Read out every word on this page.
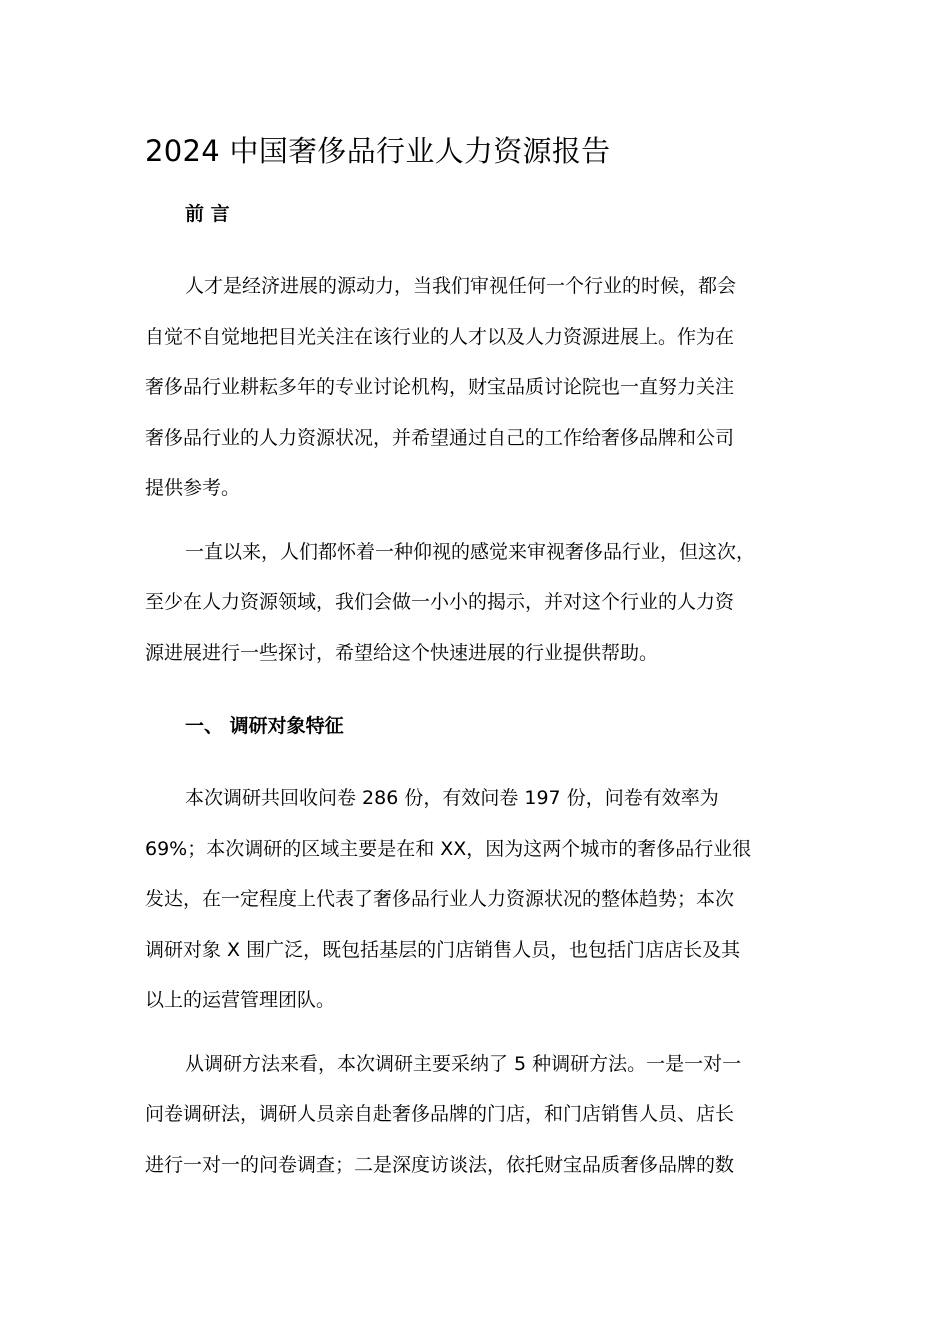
2024 中国奢侈品行业人力资源报告
前 言

人才是经济进展的源动力，当我们审视任何一个行业的时候，都会
自觉不自觉地把目光关注在该行业的人才以及人力资源进展上。作为在
奢侈品行业耕耘多年的专业讨论机构，财宝品质讨论院也一直努力关注
奢侈品行业的人力资源状况，并希望通过自己的工作给奢侈品牌和公司
提供参考。

一直以来，人们都怀着一种仰视的感觉来审视奢侈品行业，但这次，
至少在人力资源领域，我们会做一小小的揭示，并对这个行业的人力资
源进展进行一些探讨，希望给这个快速进展的行业提供帮助。

一、 调研对象特征

本次调研共回收问卷 286 份，有效问卷 197 份，问卷有效率为
69%；本次调研的区域主要是在和 XX，因为这两个城市的奢侈品行业很
发达，在一定程度上代表了奢侈品行业人力资源状况的整体趋势；本次
调研对象 X 围广泛，既包括基层的门店销售人员，也包括门店店长及其
以上的运营管理团队。

从调研方法来看，本次调研主要采纳了 5 种调研方法。一是一对一
问卷调研法，调研人员亲自赴奢侈品牌的门店，和门店销售人员、店长
进行一对一的问卷调查；二是深度访谈法，依托财宝品质奢侈品牌的数
